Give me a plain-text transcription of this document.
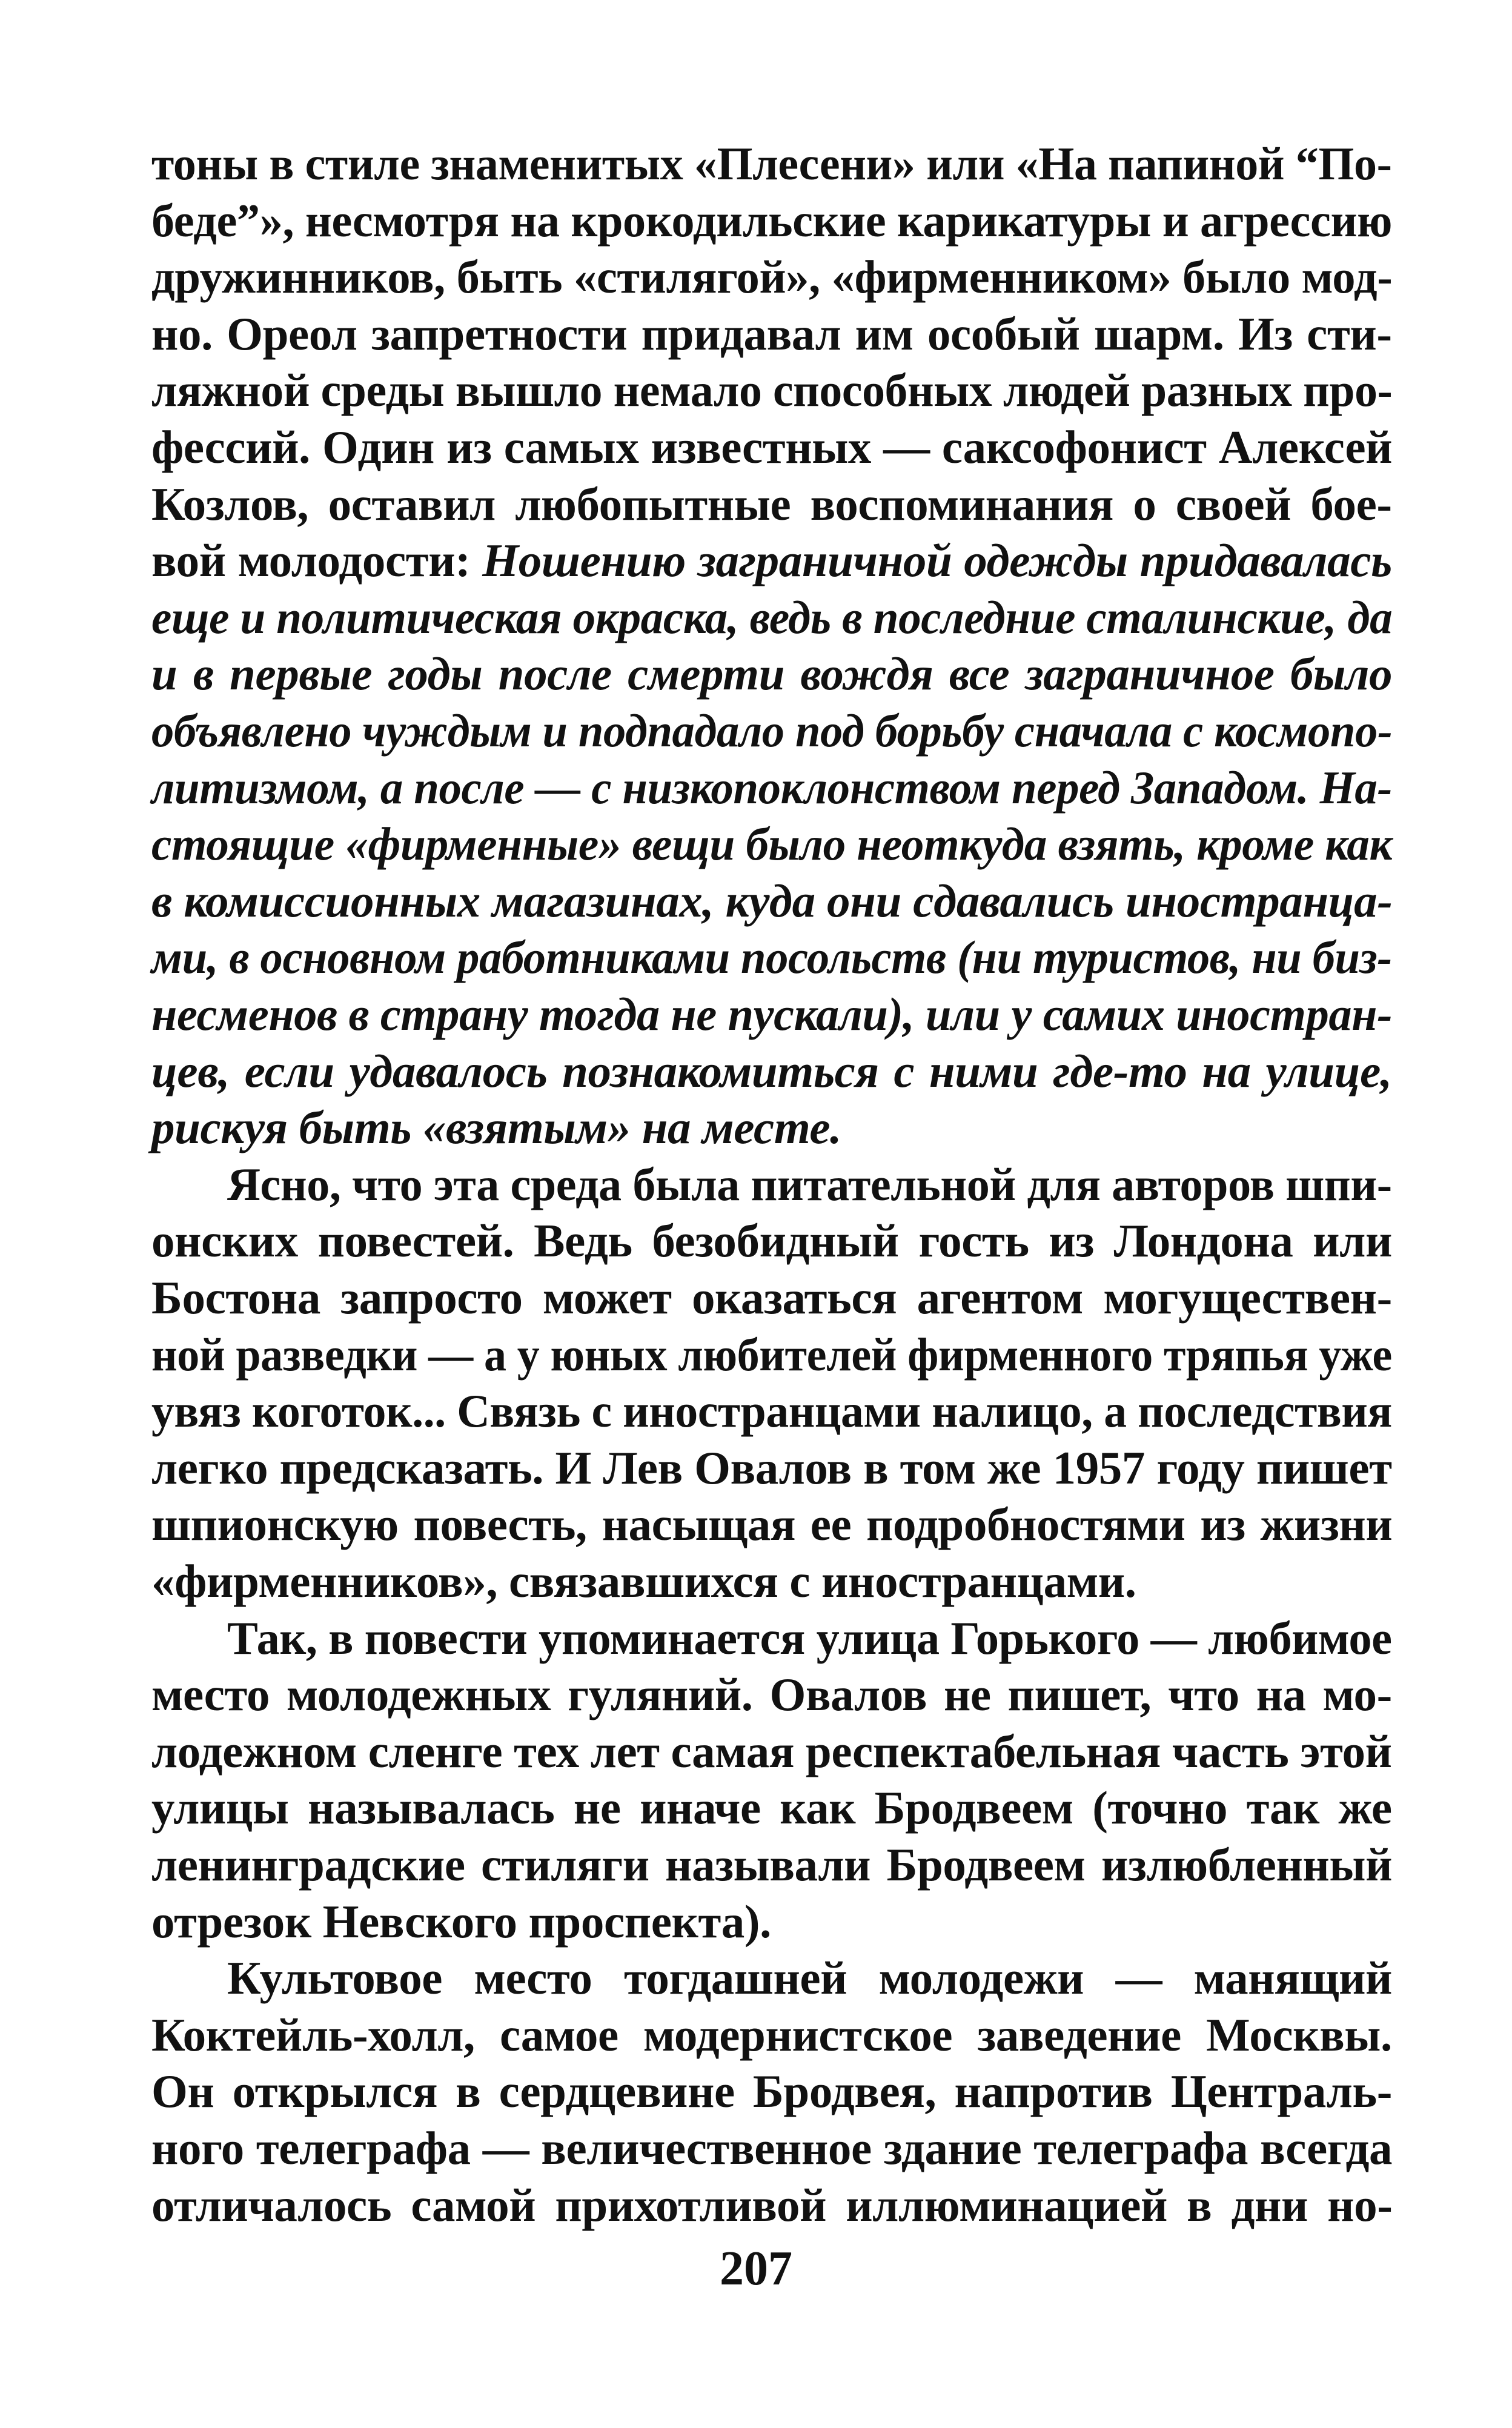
тоны в стиле знаменитых «Плесени» или «На папиной “По-
беде”», несмотря на крокодильские карикатуры и агрессию
дружинников, быть «стилягой», «фирменником» было мод-
но. Ореол запретности придавал им особый шарм. Из сти-
ляжной среды вышло немало способных людей разных про-
фессий. Один из самых известных — саксофонист Алексей
Козлов, оставил любопытные воспоминания о своей бое-
вой молодости: Ношению заграничной одежды придавалась
еще и политическая окраска, ведь в последние сталинские, да
и в первые годы после смерти вождя все заграничное было
объявлено чуждым и подпадало под борьбу сначала с космопо-
литизмом, а после — с низкопоклонством перед Западом. На-
стоящие «фирменные» вещи было неоткуда взять, кроме как
в комиссионных магазинах, куда они сдавались иностранца-
ми, в основном работниками посольств (ни туристов, ни биз-
несменов в страну тогда не пускали), или у самих иностран-
цев, если удавалось познакомиться с ними где-то на улице,
рискуя быть «взятым» на месте.
Ясно, что эта среда была питательной для авторов шпи-
онских повестей. Ведь безобидный гость из Лондона или
Бостона запросто может оказаться агентом могуществен-
ной разведки — а у юных любителей фирменного тряпья уже
увяз коготок... Связь с иностранцами налицо, а последствия
легко предсказать. И Лев Овалов в том же 1957 году пишет
шпионскую повесть, насыщая ее подробностями из жизни
«фирменников», связавшихся с иностранцами.
Так, в повести упоминается улица Горького — любимое
место молодежных гуляний. Овалов не пишет, что на мо-
лодежном сленге тех лет самая респектабельная часть этой
улицы называлась не иначе как Бродвеем (точно так же
ленинградские стиляги называли Бродвеем излюбленный
отрезок Невского проспекта).
Культовое место тогдашней молодежи — манящий
Коктейль-холл, самое модернистское заведение Москвы.
Он открылся в сердцевине Бродвея, напротив Централь-
ного телеграфа — величественное здание телеграфа всегда
отличалось самой прихотливой иллюминацией в дни но-
207
